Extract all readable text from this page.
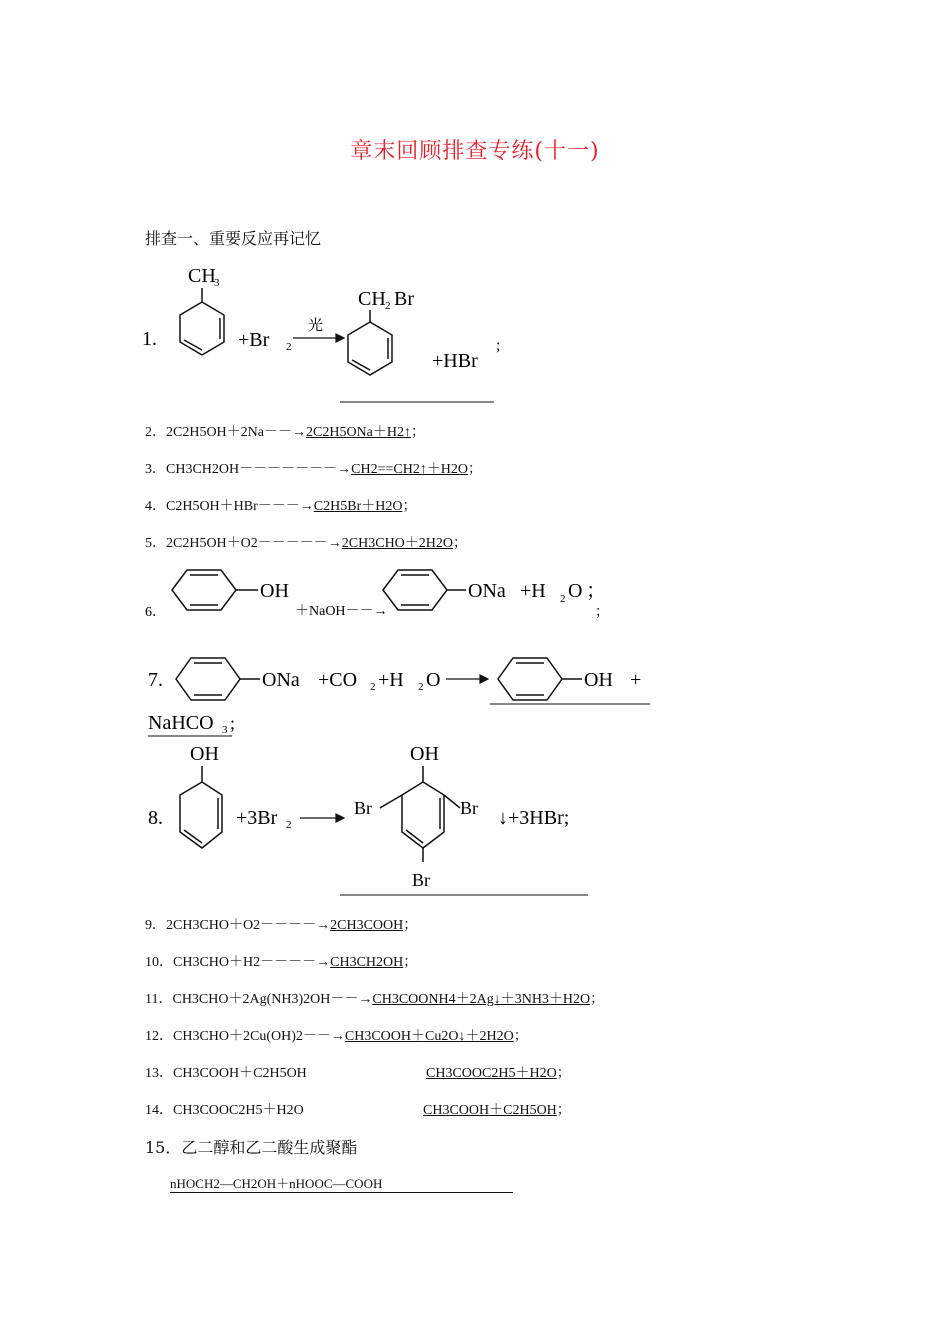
章末回顾排查专练(十一)
排查一、重要反应再记忆
1.
CH
3
+Br 2
光
CH 2 Br
+HBr
;
2．2C2H5OH＋2Na－－→2C2H5ONa＋H2↑；
3．CH3CH2OH－－－－－－－→CH2==CH2↑＋H2O；
4．C2H5OH＋HBr－－－→C2H5Br＋H2O；
5．2C2H5OH＋O2－－－－－→2CH3CHO＋2H2O；
6．
OH
＋NaOH－－→
ONa +H 2 O ；
；
7.	ONa +CO 2 +H 2 O	OH +
NaHCO 3 ;
8.
OH
+3Br 2
OH
Br	Br
Br
↓+3HBr;
9．2CH3CHO＋O2－－－－→2CH3COOH；
10．CH3CHO＋H2－－－－→CH3CH2OH；
11．CH3CHO＋2Ag(NH3)2OH－－→CH3COONH4＋2Ag↓＋3NH3＋H2O；
12．CH3CHO＋2Cu(OH)2－－→CH3COOH＋Cu2O↓＋2H2O；
13．CH3COOH＋C2H5OH	CH3COOC2H5＋H2O；
14．CH3COOC2H5＋H2O	CH3COOH＋C2H5OH；
15．乙二醇和乙二酸生成聚酯
nHOCH2—CH2OH＋nHOOC—COOH
